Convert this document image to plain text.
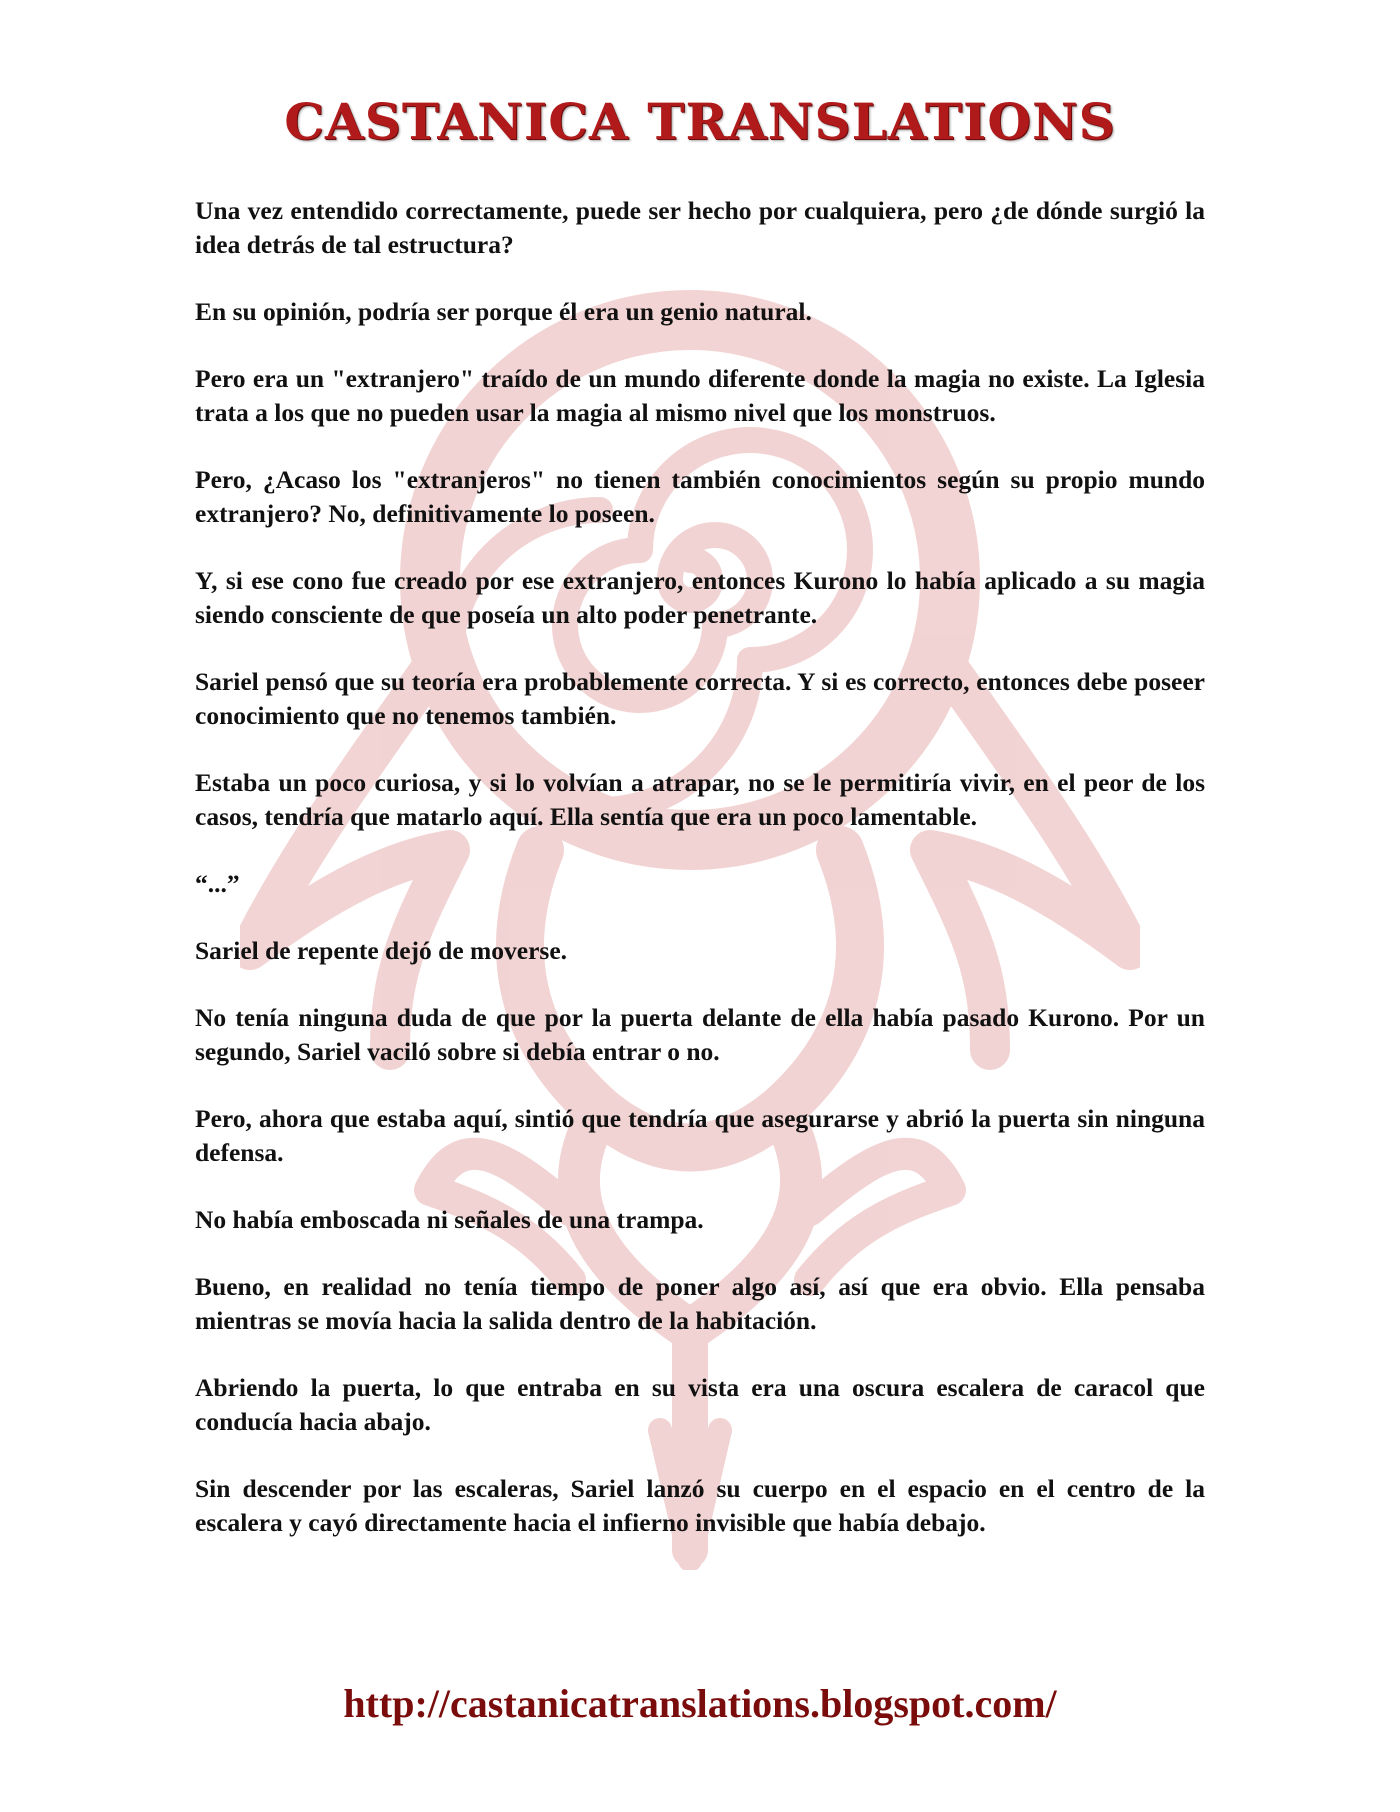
CASTANICA TRANSLATIONS

Una vez entendido correctamente, puede ser hecho por cualquiera, pero ¿de dónde surgió la idea detrás de tal estructura?

En su opinión, podría ser porque él era un genio natural.

Pero era un "extranjero" traído de un mundo diferente donde la magia no existe. La Iglesia trata a los que no pueden usar la magia al mismo nivel que los monstruos.

Pero, ¿Acaso los "extranjeros" no tienen también conocimientos según su propio mundo extranjero? No, definitivamente lo poseen.

Y, si ese cono fue creado por ese extranjero, entonces Kurono lo había aplicado a su magia siendo consciente de que poseía un alto poder penetrante.

Sariel pensó que su teoría era probablemente correcta. Y si es correcto, entonces debe poseer conocimiento que no tenemos también.

Estaba un poco curiosa, y si lo volvían a atrapar, no se le permitiría vivir, en el peor de los casos, tendría que matarlo aquí. Ella sentía que era un poco lamentable.

“...”

Sariel de repente dejó de moverse.

No tenía ninguna duda de que por la puerta delante de ella había pasado Kurono. Por un segundo, Sariel vaciló sobre si debía entrar o no.

Pero, ahora que estaba aquí, sintió que tendría que asegurarse y abrió la puerta sin ninguna defensa.

No había emboscada ni señales de una trampa.

Bueno, en realidad no tenía tiempo de poner algo así, así que era obvio. Ella pensaba mientras se movía hacia la salida dentro de la habitación.

Abriendo la puerta, lo que entraba en su vista era una oscura escalera de caracol que conducía hacia abajo.

Sin descender por las escaleras, Sariel lanzó su cuerpo en el espacio en el centro de la escalera y cayó directamente hacia el infierno invisible que había debajo.

http://castanicatranslations.blogspot.com/
